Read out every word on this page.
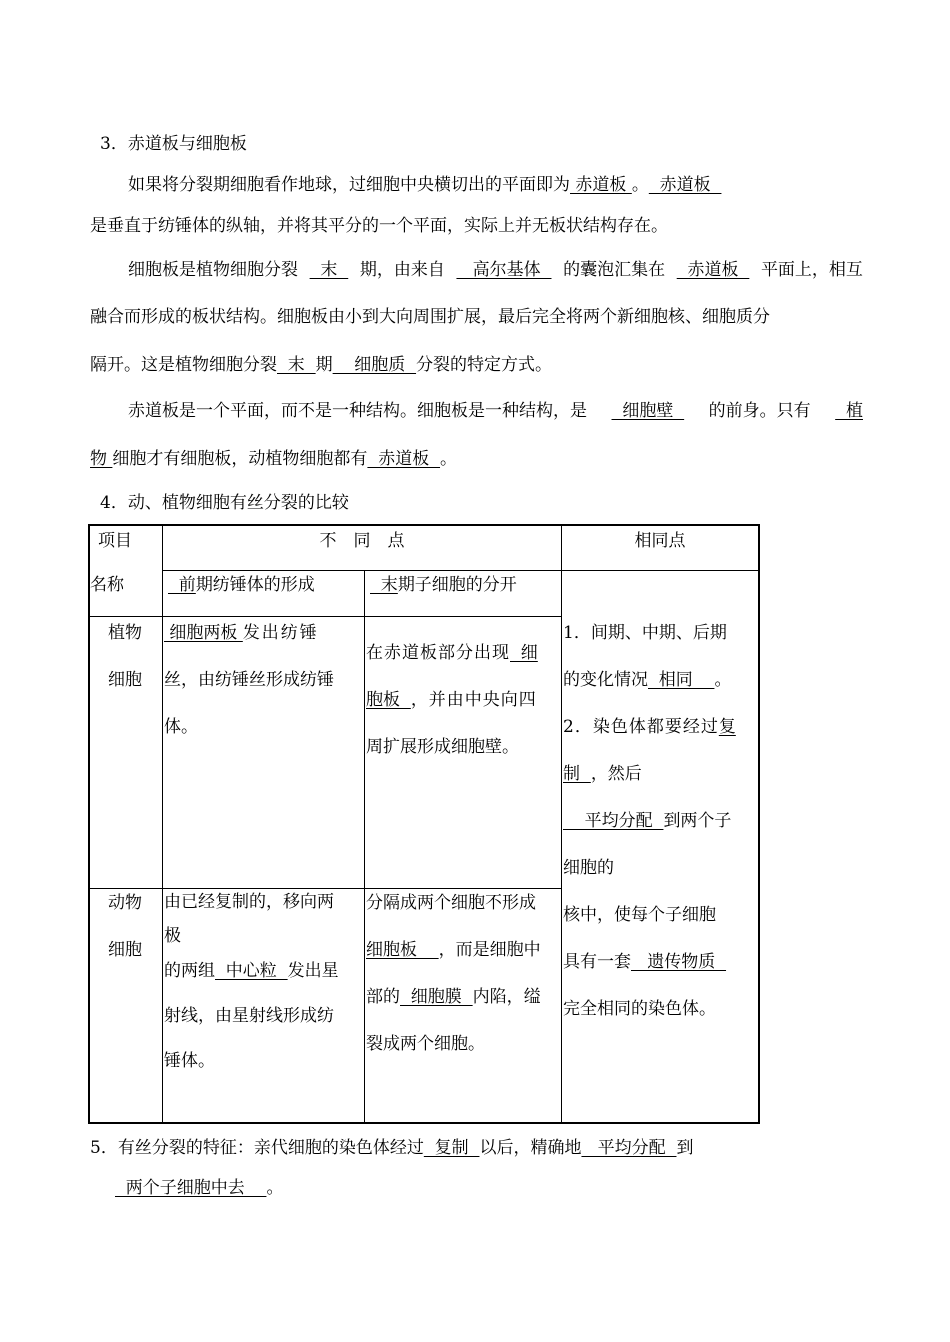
3．赤道板与细胞板
如果将分裂期细胞看作地球，过细胞中央横切出的平面即为 赤道板 。  赤道板
是垂直于纺锤体的纵轴，并将其平分的一个平面，实际上并无板状结构存在。
细胞板是植物细胞分裂 末 期，由来自 高尔基体 的囊泡汇集在 赤道板 平面上，相互
融合而形成的板状结构。细胞板由小到大向周围扩展，最后完全将两个新细胞核、细胞质分
隔开。这是植物细胞分裂  末  期    细胞质  分裂的特定方式。
赤道板是一个平面，而不是一种结构。细胞板是一种结构，是 细胞壁 的前身。只有 植
物 细胞才有细胞板，动植物细胞都有  赤道板  。
4．动、植物细胞有丝分裂的比较
项目
名称
不　同　点	相同点
前期纺锤体的形成	末期子细胞的分开
植物
细胞
细胞两板 发出纺锤
丝，由纺锤丝形成纺锤
体。
在赤道板部分出现  细
胞板  ，并由中央向四
周扩展形成细胞壁。
动物
细胞
由已经复制的，移向两
极
的两组  中心粒  发出星
射线，由星射线形成纺
锤体。
分隔成两个细胞不形成
细胞板    ，而是细胞中
部的  细胞膜  内陷，缢
裂成两个细胞。
1．间期、中期、后期
的变化情况  相同    。
2．染色体都要经过复
制  ，然后
平均分配  到两个子
细胞的
核中，使每个子细胞
具有一套   遗传物质
完全相同的染色体。
5．有丝分裂的特征：亲代细胞的染色体经过  复制  以后，精确地   平均分配  到
两个子细胞中去    。
